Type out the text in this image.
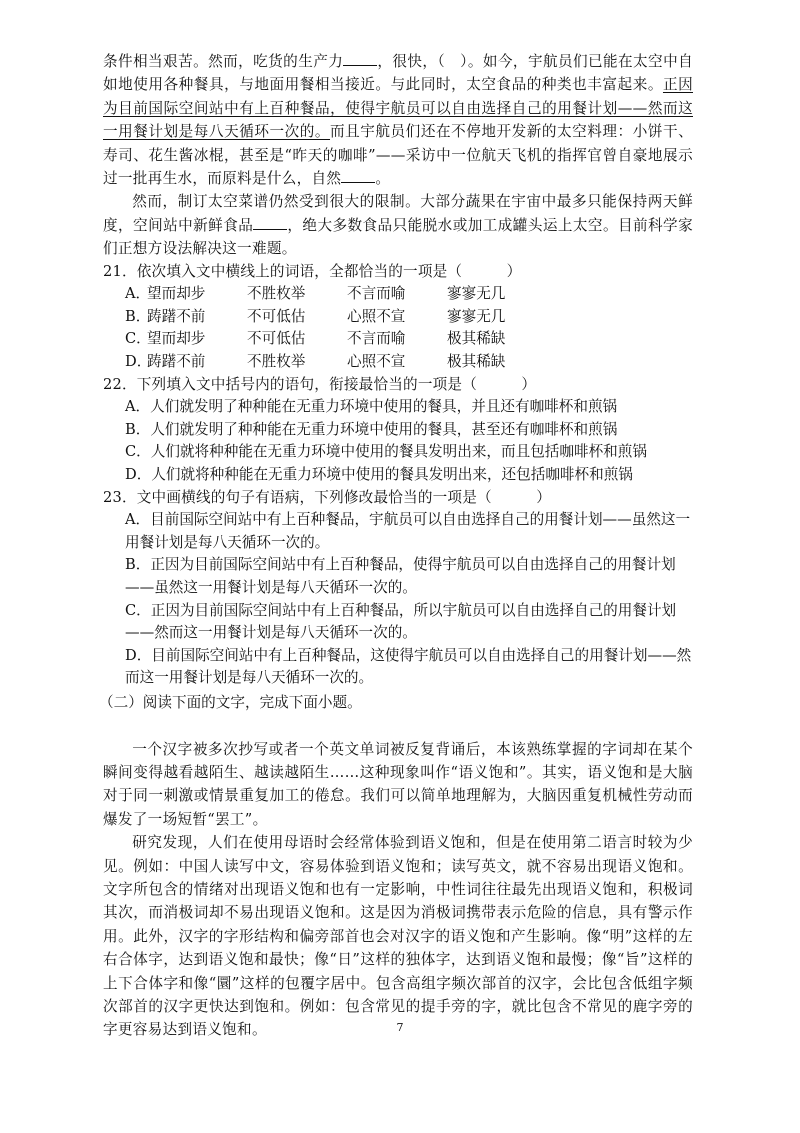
条件相当艰苦。然而，吃货的生产力 ，很快，（　）。如今，宇航员们已能在太空中自如地使用各种餐具，与地面用餐相当接近。与此同时，太空食品的种类也丰富起来。正因为目前国际空间站中有上百种餐品，使得宇航员可以自由选择自己的用餐计划——然而这一用餐计划是每八天循环一次的。而且宇航员们还在不停地开发新的太空料理：小饼干、寿司、花生酱冰棍，甚至是“昨天的咖啡”——采访中一位航天飞机的指挥官曾自豪地展示过一批再生水，而原料是什么，自然 。

然而，制订太空菜谱仍然受到很大的限制。大部分蔬果在宇宙中最多只能保持两天鲜度，空间站中新鲜食品 ，绝大多数食品只能脱水或加工成罐头运上太空。目前科学家们正想方设法解决这一难题。

21．依次填入文中横线上的词语，全都恰当的一项是（　　　）

A．
望而却步	不胜枚举	不言而喻	寥寥无几

B．
踌躇不前	不可低估	心照不宣	寥寥无几

C．
望而却步	不可低估	不言而喻	极其稀缺

D．
踌躇不前	不胜枚举	心照不宣	极其稀缺

22．下列填入文中括号内的语句，衔接最恰当的一项是（　　　）

A．人们就发明了种种能在无重力环境中使用的餐具，并且还有咖啡杯和煎锅

B．人们就发明了种种能在无重力环境中使用的餐具，甚至还有咖啡杯和煎锅

C．人们就将种种能在无重力环境中使用的餐具发明出来，而且包括咖啡杯和煎锅

D．人们就将种种能在无重力环境中使用的餐具发明出来，还包括咖啡杯和煎锅

23．文中画横线的句子有语病，下列修改最恰当的一项是（　　　）

A．目前国际空间站中有上百种餐品，宇航员可以自由选择自己的用餐计划——虽然这一用餐计划是每八天循环一次的。

B．正因为目前国际空间站中有上百种餐品，使得宇航员可以自由选择自己的用餐计划——虽然这一用餐计划是每八天循环一次的。

C．正因为目前国际空间站中有上百种餐品，所以宇航员可以自由选择自己的用餐计划——然而这一用餐计划是每八天循环一次的。

D．目前国际空间站中有上百种餐品，这使得宇航员可以自由选择自己的用餐计划——然而这一用餐计划是每八天循环一次的。

（二）阅读下面的文字，完成下面小题。

一个汉字被多次抄写或者一个英文单词被反复背诵后，本该熟练掌握的字词却在某个瞬间变得越看越陌生、越读越陌生……这种现象叫作“语义饱和”。其实，语义饱和是大脑对于同一刺激或情景重复加工的倦怠。我们可以简单地理解为，大脑因重复机械性劳动而爆发了一场短暂“罢工”。

研究发现，人们在使用母语时会经常体验到语义饱和，但是在使用第二语言时较为少见。例如：中国人读写中文，容易体验到语义饱和；读写英文，就不容易出现语义饱和。文字所包含的情绪对出现语义饱和也有一定影响，中性词往往最先出现语义饱和，积极词其次，而消极词却不易出现语义饱和。这是因为消极词携带表示危险的信息，具有警示作用。此外，汉字的字形结构和偏旁部首也会对汉字的语义饱和产生影响。像“明”这样的左右合体字，达到语义饱和最快；像“日”这样的独体字，达到语义饱和最慢；像“旨”这样的上下合体字和像“圜”这样的包覆字居中。包含高组字频次部首的汉字，会比包含低组字频次部首的汉字更快达到饱和。例如：包含常见的提手旁的字，就比包含不常见的鹿字旁的字更容易达到语义饱和。	7
